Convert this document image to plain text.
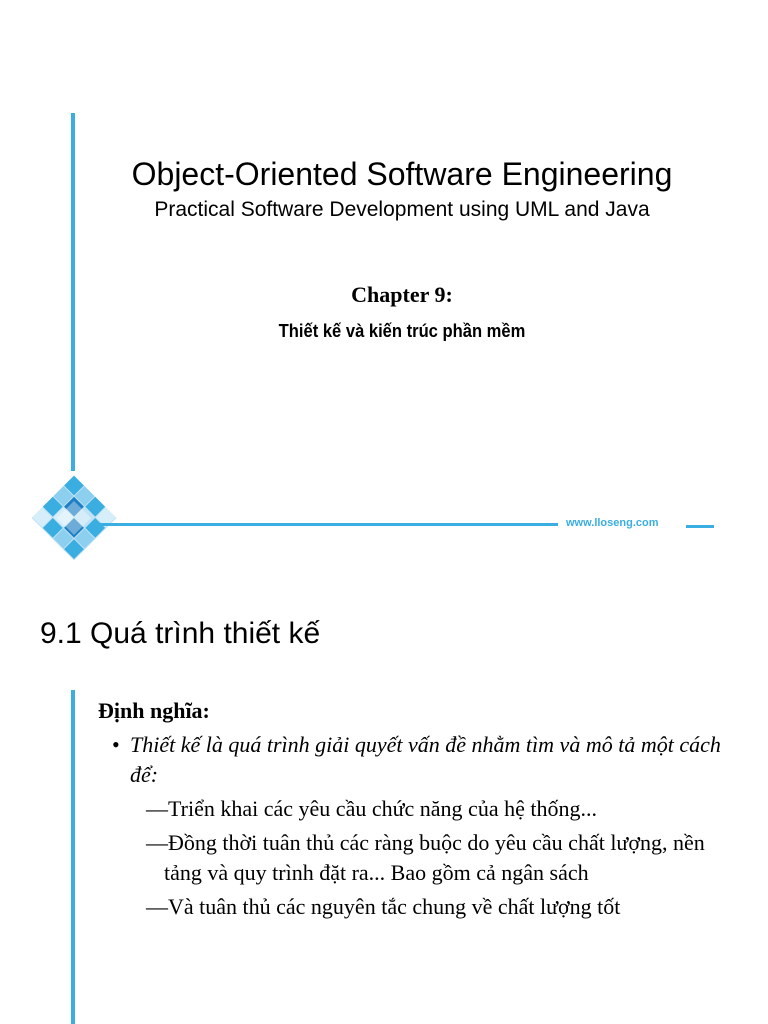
Object-Oriented Software Engineering
Practical Software Development using UML and Java
Chapter 9:
Thiết kế và kiến trúc phần mềm
www.lloseng.com
9.1 Quá trình thiết kế
Định nghĩa:
• Thiết kế là quá trình giải quyết vấn đề nhằm tìm và mô tả một cách để:
—Triển khai các yêu cầu chức năng của hệ thống...
—Đồng thời tuân thủ các ràng buộc do yêu cầu chất lượng, nền tảng và quy trình đặt ra... Bao gồm cả ngân sách
—Và tuân thủ các nguyên tắc chung về chất lượng tốt
